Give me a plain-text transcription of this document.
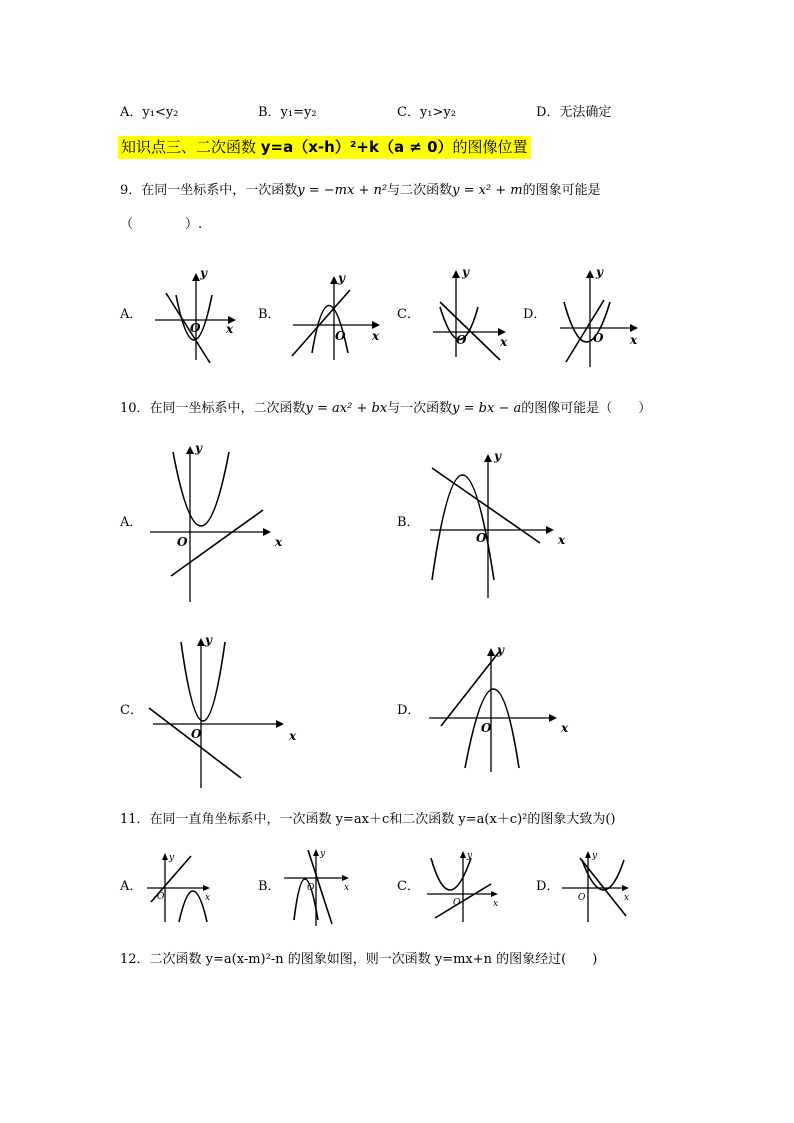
A．y₁<y₂	B．y₁=y₂	C．y₁>y₂	D．无法确定
知识点三、二次函数 y=a（x-h）²+k（a ≠ 0）的图像位置
9．在同一坐标系中，一次函数y = −mx + n²与二次函数y = x² + m的图象可能是
（　　　　）.
A．	B．	C．	D．
x
y
O
x
y
O	x
y
O	x
y
O
10．在同一坐标系中，二次函数y = ax² + bx与一次函数y = bx − a的图像可能是（　　）
A．	B．
C．	D．
x
y
O	x
y
O
x
y
O	x
y
O
11．在同一直角坐标系中，一次函数 y=ax＋c和二次函数 y=a(x＋c)²的图象大致为()
A．	B．	C．	D．
x
y
O
x
y
O
x
y
O	x
y
O
12．二次函数 y=a(x-m)²-n 的图象如图，则一次函数 y=mx+n 的图象经过(　　)
